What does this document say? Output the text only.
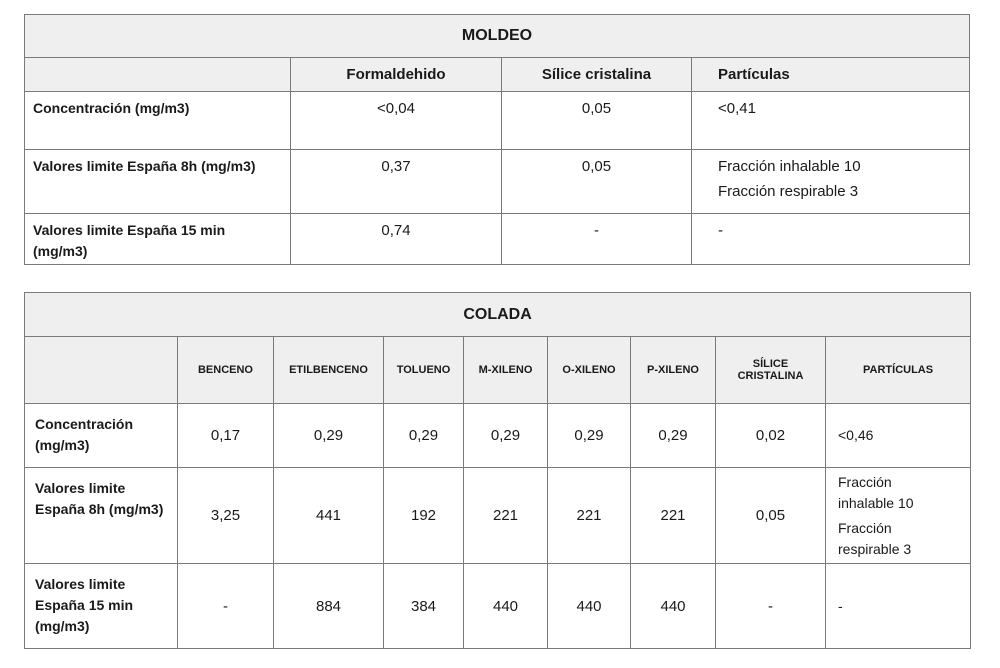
MOLDEO			
	Formaldehido	Sílice cristalina	Partículas
Concentración (mg/m3)	<0,04	0,05	<0,41
Valores limite España 8h (mg/m3)	0,37	0,05	Fracción inhalable 10
Fracción respirable 3

Valores limite España 15 min (mg/m3)	0,74	-	-
COLADA								
	BENCENO	ETILBENCENO	TOLUENO	M-XILENO	O-XILENO	P-XILENO	SÍLICE CRISTALINA	PARTÍCULAS
Concentración (mg/m3)	0,17	0,29	0,29	0,29	0,29	0,29	0,02	<0,46
Valores limite España 8h (mg/m3)	3,25	441	192	221	221	221	0,05	Fracción inhalable 10
Fracción respirable 3

Valores limite España 15 min (mg/m3)	-	884	384	440	440	440	-	-
